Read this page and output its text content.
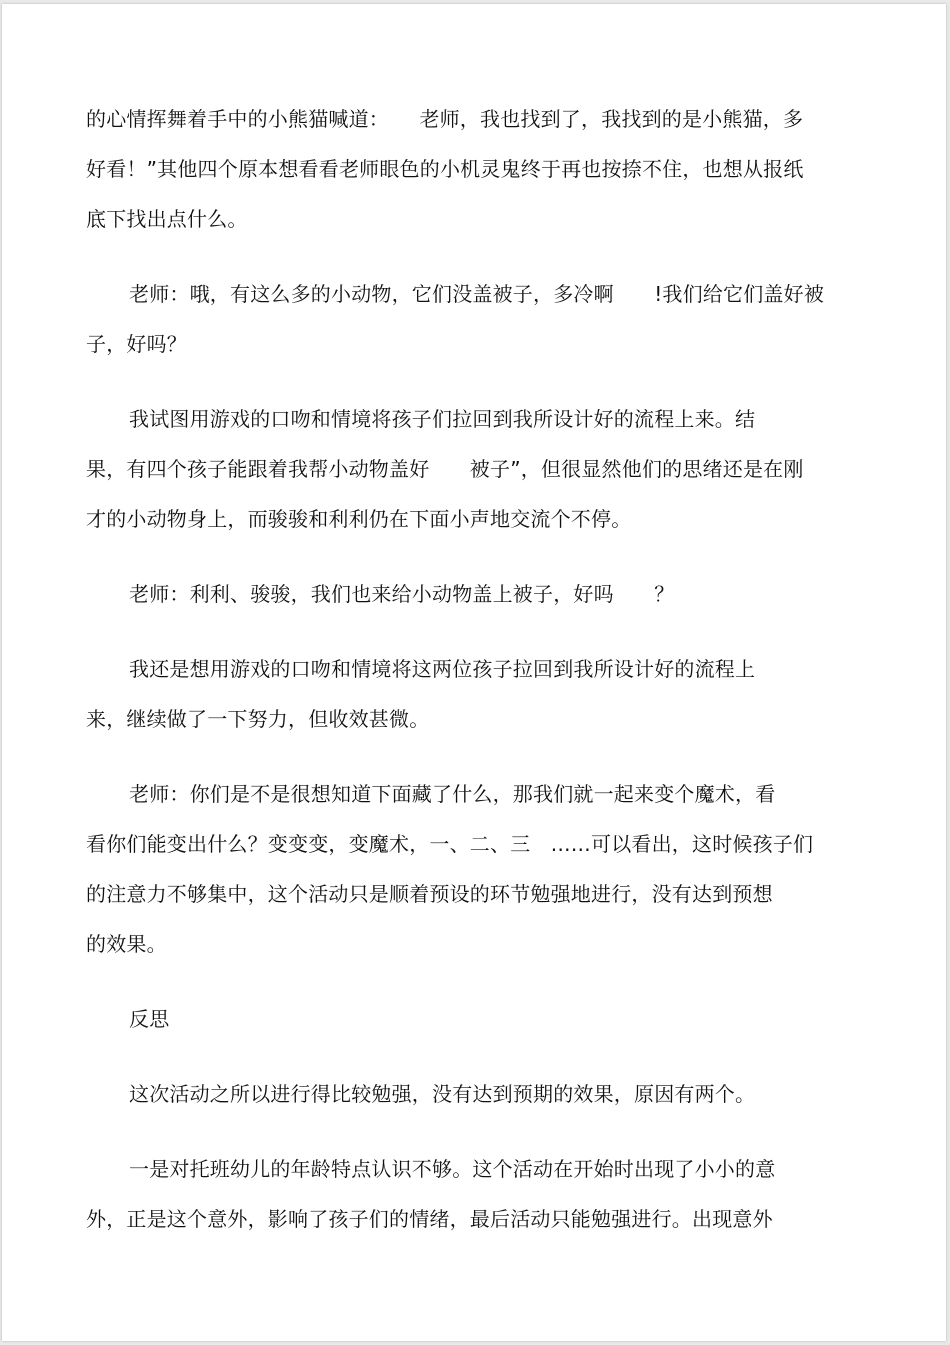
的心情挥舞着手中的小熊猫喊道：　　老师，我也找到了，我找到的是小熊猫，多
好看！”其他四个原本想看看老师眼色的小机灵鬼终于再也按捺不住，也想从报纸
底下找出点什么。
老师：哦，有这么多的小动物，它们没盖被子，多冷啊　　!我们给它们盖好被
子，好吗？
我试图用游戏的口吻和情境将孩子们拉回到我所设计好的流程上来。结
果，有四个孩子能跟着我帮小动物盖好　　被子”，但很显然他们的思绪还是在刚
才的小动物身上，而骏骏和利利仍在下面小声地交流个不停。
老师：利利、骏骏，我们也来给小动物盖上被子，好吗　　？
我还是想用游戏的口吻和情境将这两位孩子拉回到我所设计好的流程上
来，继续做了一下努力，但收效甚微。
老师：你们是不是很想知道下面藏了什么，那我们就一起来变个魔术，看
看你们能变出什么？变变变，变魔术，一、二、三　……可以看出，这时候孩子们
的注意力不够集中，这个活动只是顺着预设的环节勉强地进行，没有达到预想
的效果。
反思
这次活动之所以进行得比较勉强，没有达到预期的效果，原因有两个。
一是对托班幼儿的年龄特点认识不够。这个活动在开始时出现了小小的意
外，正是这个意外，影响了孩子们的情绪，最后活动只能勉强进行。出现意外
